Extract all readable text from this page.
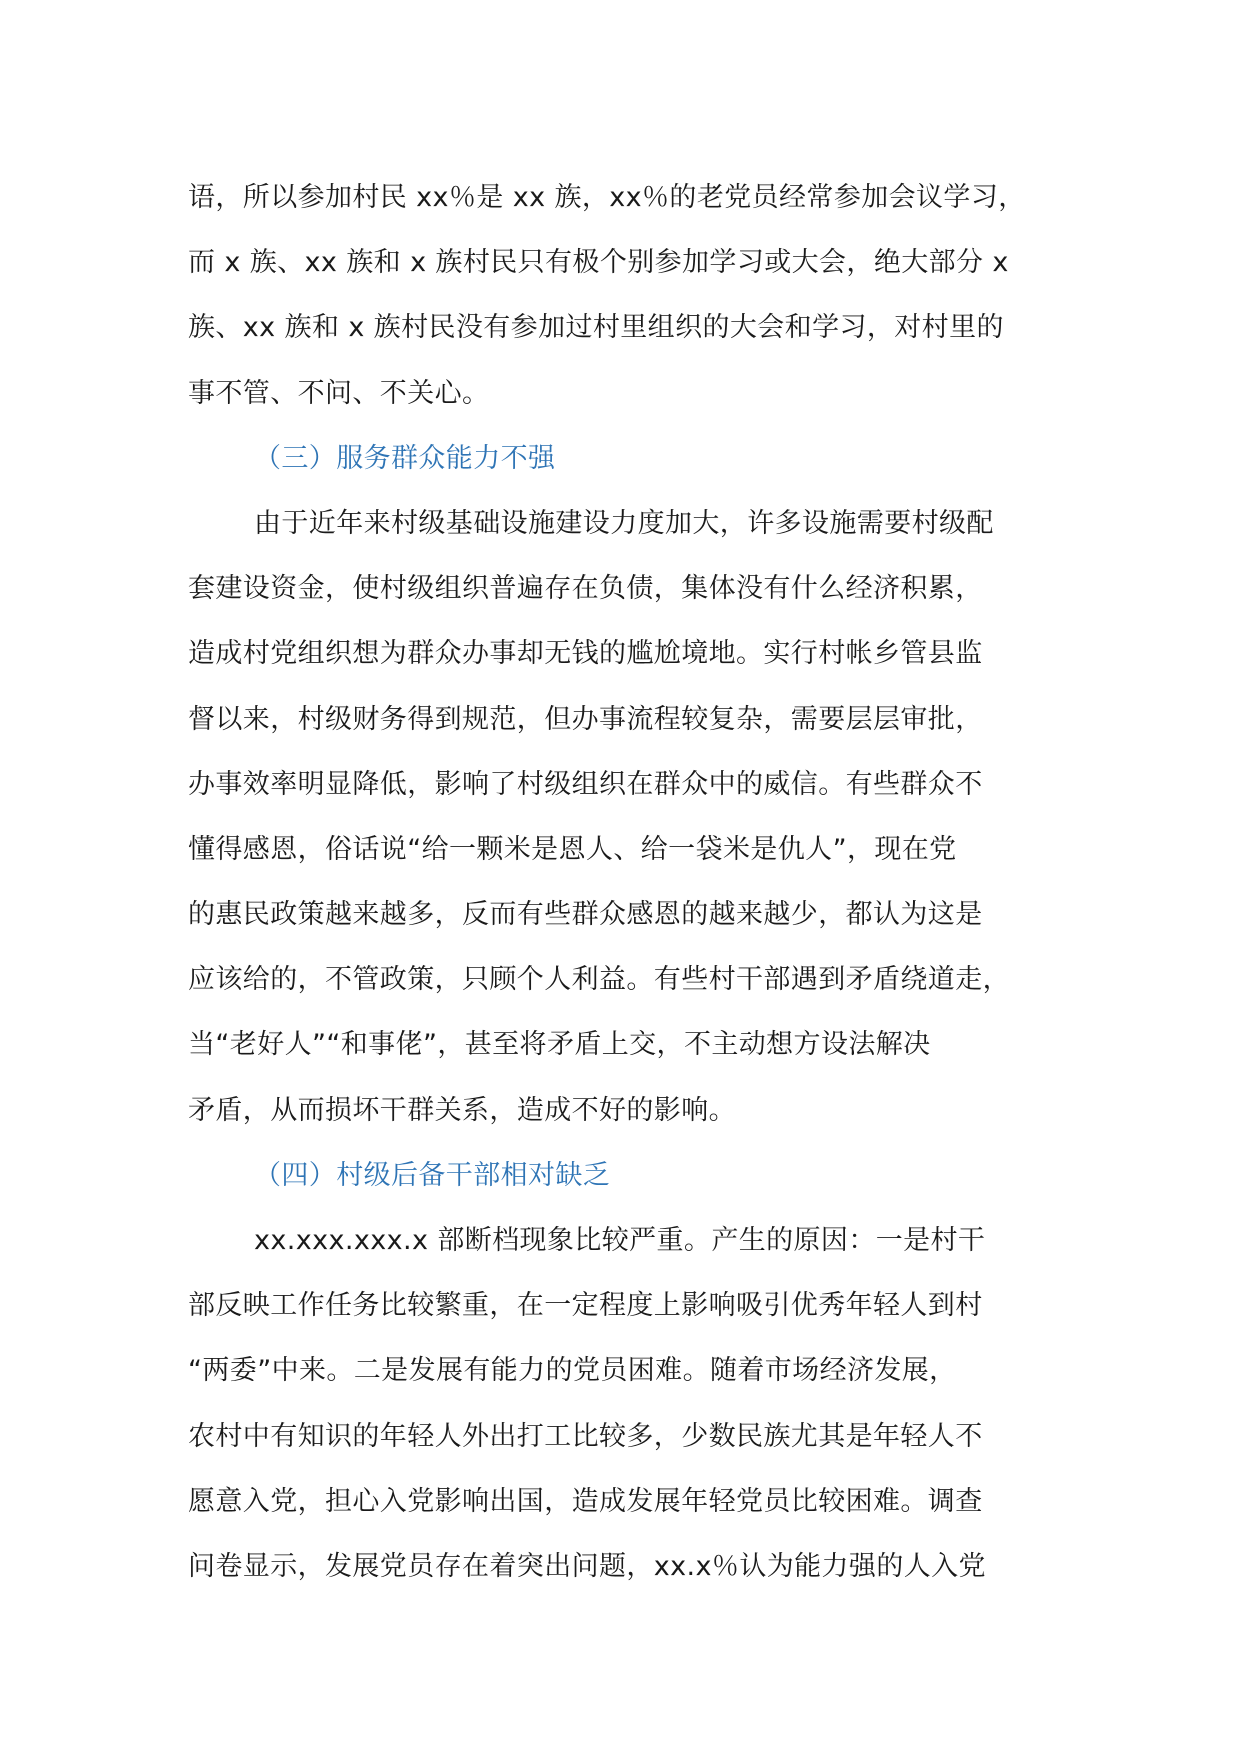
语，所以参加村民 xx％是 xx 族，xx％的老党员经常参加会议学习，
而 x 族、xx 族和 x 族村民只有极个别参加学习或大会，绝大部分 x
族、xx 族和 x 族村民没有参加过村里组织的大会和学习，对村里的
事不管、不问、不关心。
（三）服务群众能力不强
由于近年来村级基础设施建设力度加大，许多设施需要村级配
套建设资金，使村级组织普遍存在负债，集体没有什么经济积累，
造成村党组织想为群众办事却无钱的尴尬境地。实行村帐乡管县监
督以来，村级财务得到规范，但办事流程较复杂，需要层层审批，
办事效率明显降低，影响了村级组织在群众中的威信。有些群众不
懂得感恩，俗话说“给一颗米是恩人、给一袋米是仇人”，现在党
的惠民政策越来越多，反而有些群众感恩的越来越少，都认为这是
应该给的，不管政策，只顾个人利益。有些村干部遇到矛盾绕道走，
当“老好人”“和事佬”，甚至将矛盾上交，不主动想方设法解决
矛盾，从而损坏干群关系，造成不好的影响。
（四）村级后备干部相对缺乏
xx.xxx.xxx.x 部断档现象比较严重。产生的原因：一是村干
部反映工作任务比较繁重，在一定程度上影响吸引优秀年轻人到村
“两委”中来。二是发展有能力的党员困难。随着市场经济发展，
农村中有知识的年轻人外出打工比较多，少数民族尤其是年轻人不
愿意入党，担心入党影响出国，造成发展年轻党员比较困难。调查
问卷显示，发展党员存在着突出问题，xx.x％认为能力强的人入党
